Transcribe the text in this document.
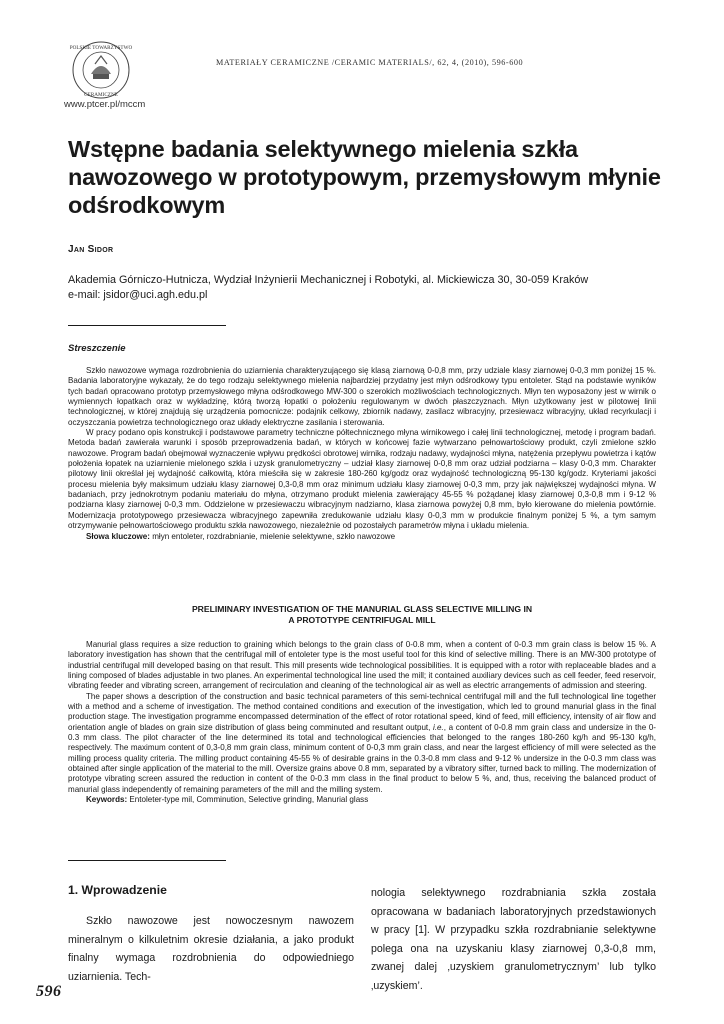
POLSKIE TOWARZYSTWO
CERAMICZNE
www.ptcer.pl/mccm
MATERIAŁY CERAMICZNE /CERAMIC MATERIALS/, 62, 4, (2010), 596-600
Wstępne badania selektywnego mielenia szkła nawozowego w prototypowym, przemysłowym młynie odśrodkowym
Jan Sidor
Akademia Górniczo-Hutnicza, Wydział Inżynierii Mechanicznej i Robotyki, al. Mickiewicza 30, 30-059 Kraków
e-mail: jsidor@uci.agh.edu.pl
Streszczenie

Szkło nawozowe wymaga rozdrobnienia do uziarnienia charakteryzującego się klasą ziarnową 0-0,8 mm, przy udziale klasy ziarnowej 0-0,3 mm poniżej 15 %. Badania laboratoryjne wykazały, że do tego rodzaju selektywnego mielenia najbardziej przydatny jest młyn odśrodkowy typu entoleter. Stąd na podstawie wyników tych badań opracowano prototyp przemysłowego młyna odśrodkowego MW-300 o szerokich możliwościach technologicznych. Młyn ten wyposażony jest w wirnik o wymiennych łopatkach oraz w wykładzinę, którą tworzą łopatki o położeniu regulowanym w dwóch płaszczyznach. Młyn użytkowany jest w pilotowej linii technologicznej, w której znajdują się urządzenia pomocnicze: podajnik celkowy, zbiornik nadawy, zasilacz wibracyjny, przesiewacz wibracyjny, układ recyrkulacji i oczyszczania powietrza technologicznego oraz układy elektryczne zasilania i sterowania.

W pracy podano opis konstrukcji i podstawowe parametry techniczne półtechnicznego młyna wirnikowego i całej linii technologicznej, metodę i program badań. Metoda badań zawierała warunki i sposób przeprowadzenia badań, w których w końcowej fazie wytwarzano pełnowartościowy produkt, czyli zmielone szkło nawozowe. Program badań obejmował wyznaczenie wpływu prędkości obrotowej wirnika, rodzaju nadawy, wydajności młyna, natężenia przepływu powietrza i kątów położenia łopatek na uziarnienie mielonego szkła i uzysk granulometryczny – udział klasy ziarnowej 0-0,8 mm oraz udział podziarna – klasy 0-0,3 mm. Charakter pilotowy linii określał jej wydajność całkowitą, która mieściła się w zakresie 180-260 kg/godz oraz wydajność technologiczną 95-130 kg/godz. Kryteriami jakości procesu mielenia były maksimum udziału klasy ziarnowej 0,3-0,8 mm oraz minimum udziału klasy ziarnowej 0-0,3 mm, przy jak największej wydajności młyna. W badaniach, przy jednokrotnym podaniu materiału do młyna, otrzymano produkt mielenia zawierający 45-55 % pożądanej klasy ziarnowej 0,3-0,8 mm i 9-12 % podziarna klasy ziarnowej 0-0,3 mm. Oddzielone w przesiewaczu wibracyjnym nadziarno, klasa ziarnowa powyżej 0,8 mm, było kierowane do mielenia powtórnie. Modernizacja prototypowego przesiewacza wibracyjnego zapewniła zredukowanie udziału klasy 0-0,3 mm w produkcie finalnym poniżej 5 %, a tym samym otrzymywanie pełnowartościowego produktu szkła nawozowego, niezależnie od pozostałych parametrów młyna i układu mielenia.

Słowa kluczowe: młyn entoleter, rozdrabnianie, mielenie selektywne, szkło nawozowe
PRELIMINARY INVESTIGATION OF THE MANURIAL GLASS SELECTIVE MILLING IN
A PROTOTYPE CENTRIFUGAL MILL

Manurial glass requires a size reduction to graining which belongs to the grain class of 0-0.8 mm, when a content of 0-0.3 mm grain class is below 15 %. A laboratory investigation has shown that the centrifugal mill of entoleter type is the most useful tool for this kind of selective milling. There is an MW-300 prototype of industrial centrifugal mill developed basing on that result. This mill presents wide technological possibilities. It is equipped with a rotor with replaceable blades and a lining composed of blades adjustable in two planes. An experimental technological line used the mill; it contained auxiliary devices such as cell feeder, feed reservoir, vibrating feeder and vibrating screen, arrangement of recirculation and cleaning of the technological air as well as electric arrangements of admission and steering.

The paper shows a description of the construction and basic technical parameters of this semi-technical centrifugal mill and the full technological line together with a method and a scheme of investigation. The method contained conditions and execution of the investigation, which led to ground manurial glass in the final production stage. The investigation programme encompassed determination of the effect of rotor rotational speed, kind of feed, mill efficiency, intensity of air flow and orientation angle of blades on grain size distribution of glass being comminuted and resultant output, i.e., a content of 0-0.8 mm grain class and undersize in the 0-0.3 mm class. The pilot character of the line determined its total and technological efficiencies that belonged to the ranges 180-260 kg/h and 95-130 kg/h, respectively. The maximum content of 0,3-0,8 mm grain class, minimum content of 0-0,3 mm grain class, and near the largest efficiency of mill were selected as the milling process quality criteria. The milling product containing 45-55 % of desirable grains in the 0.3-0.8 mm class and 9-12 % undersize in the 0-0.3 mm class was obtained after single application of the material to the mill. Oversize grains above 0.8 mm, separated by a vibratory sifter, turned back to milling. The modernization of prototype vibrating screen assured the reduction in content of the 0-0.3 mm class in the final product to below 5 %, and, thus, receiving the balanced product of manurial glass independently of remaining parameters of the mill and the milling system.

Keywords: Entoleter-type mil, Comminution, Selective grinding, Manurial glass
1. Wprowadzenie

Szkło nawozowe jest nowoczesnym nawozem mineralnym o kilkuletnim okresie działania, a jako produkt finalny wymaga rozdrobnienia do odpowiedniego uziarnienia. Tech-

nologia selektywnego rozdrabniania szkła została opracowana w badaniach laboratoryjnych przedstawionych w pracy [1]. W przypadku szkła rozdrabnianie selektywne polega ona na uzyskaniu klasy ziarnowej 0,3-0,8 mm, zwanej dalej ‚uzyskiem granulometrycznym’ lub tylko ‚uzyskiem’.

596
